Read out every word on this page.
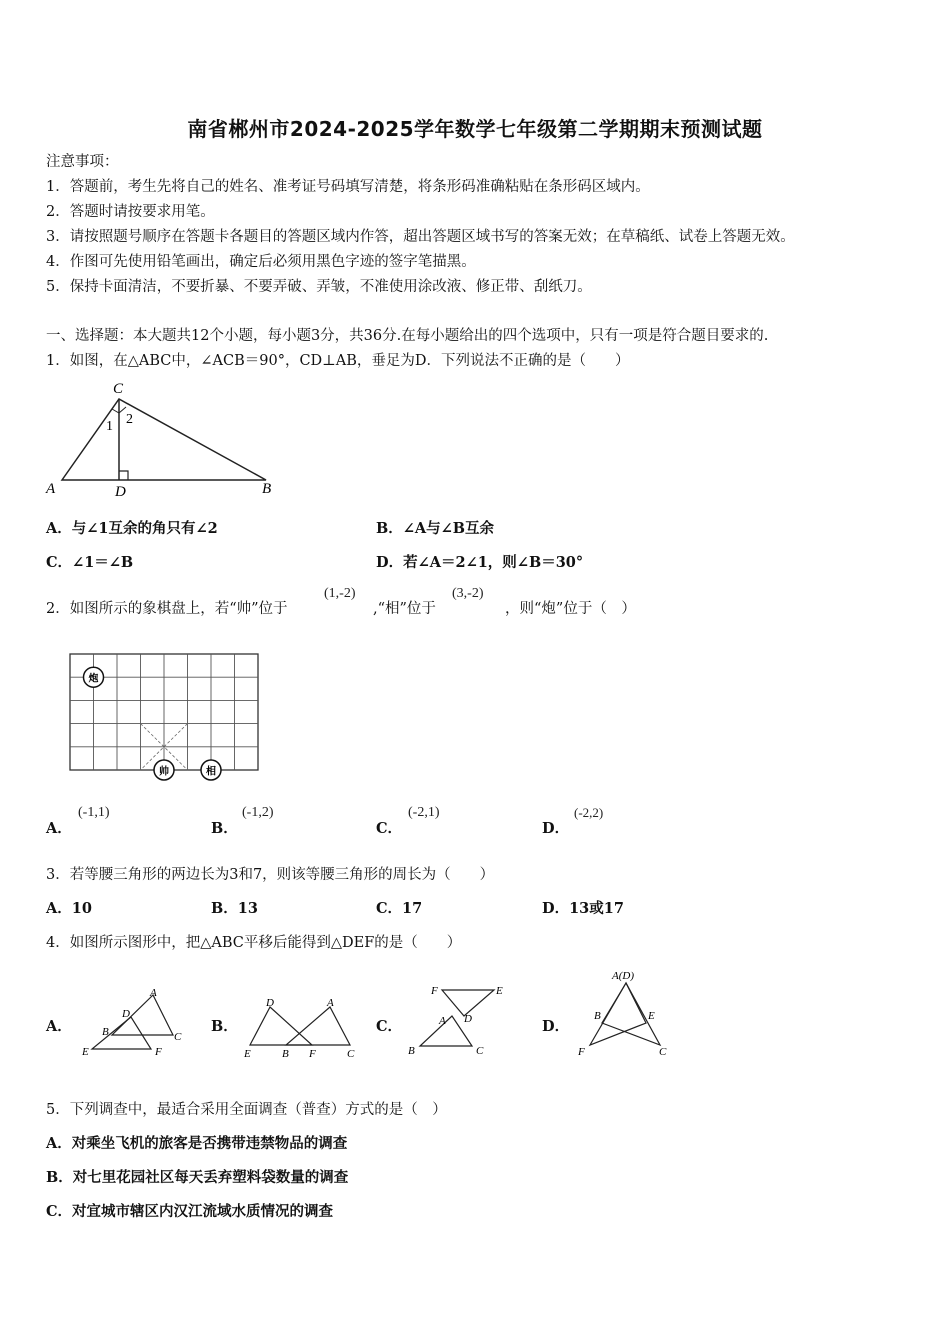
南省郴州市2024-2025学年数学七年级第二学期期末预测试题
注意事项：
1．答题前，考生先将自己的姓名、准考证号码填写清楚，将条形码准确粘贴在条形码区域内。
2．答题时请按要求用笔。
3．请按照题号顺序在答题卡各题目的答题区域内作答，超出答题区域书写的答案无效；在草稿纸、试卷上答题无效。
4．作图可先使用铅笔画出，确定后必须用黑色字迹的签字笔描黑。
5．保持卡面清洁，不要折暴、不要弄破、弄皱，不准使用涂改液、修正带、刮纸刀。
一、选择题：本大题共12个小题，每小题3分，共36分.在每小题给出的四个选项中，只有一项是符合题目要求的.
1．如图，在△ABC中，∠ACB＝90°，CD⊥AB，垂足为D．下列说法不正确的是（　　）
C
A	D	B
1 2
A．与∠1互余的角只有∠2	B．∠A与∠B互余
C．∠1＝∠B	D．若∠A＝2∠1，则∠B＝30°
2．如图所示的象棋盘上，若“帅”位于
(1,‑2)
,“相”位于
(3,‑2)
，则“炮”位于（　）
炮
帅	相
A．
(‑1,1)
B．
(‑1,2)
C．
(‑2,1)
D．
(‑2,2)
3．若等腰三角形的两边长为3和7，则该等腰三角形的周长为（　　）
A．10	B．13	C．17	D．13或17
4．如图所示图形中，把△ABC平移后能得到△DEF的是（　　）
A．
A
B	C
D
E	F
B．
D	A
E	B F	C
C．
F	E
A D
B	C
D．
A(D)
B	E
F	C
5．下列调查中，最适合采用全面调查（普查）方式的是（　）
A．对乘坐飞机的旅客是否携带违禁物品的调查
B．对七里花园社区每天丢弃塑料袋数量的调查
C．对宜城市辖区内汉江流域水质情况的调查
